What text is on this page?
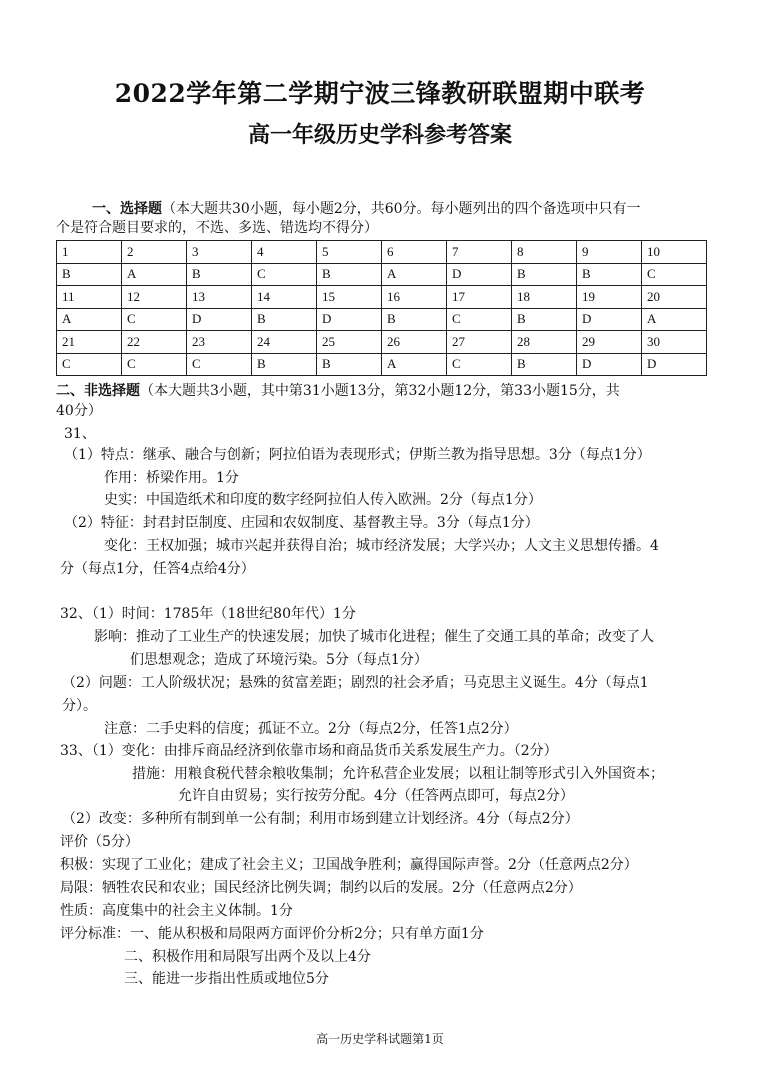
2022学年第二学期宁波三锋教研联盟期中联考
高一年级历史学科参考答案
一、选择题（本大题共30小题，每小题2分，共60分。每小题列出的四个备选项中只有一
个是符合题目要求的，不选、多选、错选均不得分）
1	2	3	4	5	6	7	8	9	10
B	A	B	C	B	A	D	B	B	C
11	12	13	14	15	16	17	18	19	20
A	C	D	B	D	B	C	B	D	A
21	22	23	24	25	26	27	28	29	30
C	C	C	B	B	A	C	B	D	D
二、非选择题（本大题共3小题，其中第31小题13分，第32小题12分，第33小题15分，共
40分）
31、
（1）特点：继承、融合与创新；阿拉伯语为表现形式；伊斯兰教为指导思想。3分（每点1分）
作用：桥梁作用。1分
史实：中国造纸术和印度的数字经阿拉伯人传入欧洲。2分（每点1分）
（2）特征：封君封臣制度、庄园和农奴制度、基督教主导。3分（每点1分）
变化：王权加强；城市兴起并获得自治；城市经济发展；大学兴办；人文主义思想传播。4
分（每点1分，任答4点给4分）
32、（1）时间：1785年（18世纪80年代）1分
影响：推动了工业生产的快速发展；加快了城市化进程；催生了交通工具的革命；改变了人
们思想观念；造成了环境污染。5分（每点1分）
（2）问题：工人阶级状况；悬殊的贫富差距；剧烈的社会矛盾；马克思主义诞生。4分（每点1
分）。
注意：二手史料的信度；孤证不立。2分（每点2分，任答1点2分）
33、（1）变化：由排斥商品经济到依靠市场和商品货币关系发展生产力。（2分）
措施：用粮食税代替余粮收集制；允许私营企业发展；以租让制等形式引入外国资本；
允许自由贸易；实行按劳分配。4分（任答两点即可，每点2分）
（2）改变：多种所有制到单一公有制；利用市场到建立计划经济。4分（每点2分）
评价（5分）
积极：实现了工业化；建成了社会主义；卫国战争胜利；赢得国际声誉。2分（任意两点2分）
局限：牺牲农民和农业；国民经济比例失调；制约以后的发展。2分（任意两点2分）
性质：高度集中的社会主义体制。1分
评分标准：一、能从积极和局限两方面评价分析2分；只有单方面1分
二、积极作用和局限写出两个及以上4分
三、能进一步指出性质或地位5分
高一历史学科试题第1页
